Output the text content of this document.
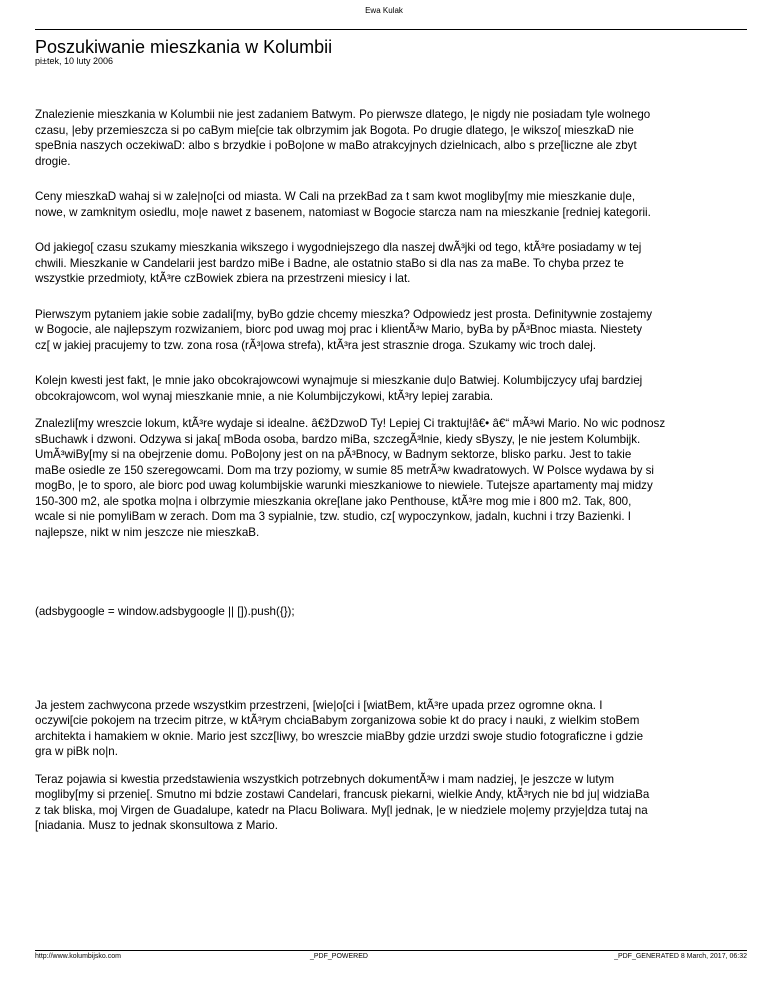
Ewa Kulak
Poszukiwanie mieszkania w Kolumbii
pi±tek, 10 luty 2006

Znalezienie mieszkania w Kolumbii nie jest zadaniem Batwym. Po pierwsze dlatego, |e nigdy nie posiadam tyle wolnego
czasu, |eby przemieszcza si po caBym mie[cie tak olbrzymim jak Bogota. Po drugie dlatego, |e wikszo[ mieszkaD nie
speBnia naszych oczekiwaD: albo s brzydkie i poBo|one w maBo atrakcyjnych dzielnicach, albo s prze[liczne ale zbyt
drogie.

Ceny mieszkaD wahaj si w zale|no[ci od miasta. W Cali na przekBad za t sam kwot mogliby[my mie mieszkanie du|e,
nowe, w zamknitym osiedlu, mo|e nawet z basenem, natomiast w Bogocie starcza nam na mieszkanie [redniej kategorii.

Od jakiego[ czasu szukamy mieszkania wikszego i wygodniejszego dla naszej dwÃ³jki od tego, ktÃ³re posiadamy w tej
chwili. Mieszkanie w Candelarii jest bardzo miBe i Badne, ale ostatnio staBo si dla nas za maBe. To chyba przez te
wszystkie przedmioty, ktÃ³re czBowiek zbiera na przestrzeni miesicy i lat.

Pierwszym pytaniem jakie sobie zadali[my, byBo gdzie chcemy mieszka? Odpowiedz jest prosta. Definitywnie zostajemy
w Bogocie, ale najlepszym rozwizaniem, biorc pod uwag moj prac i klientÃ³w Mario, byBa by pÃ³Bnoc miasta. Niestety
cz[ w jakiej pracujemy to tzw. zona rosa (rÃ³|owa strefa), ktÃ³ra jest strasznie droga. Szukamy wic troch dalej.

Kolejn kwesti jest fakt, |e mnie jako obcokrajowcowi wynajmuje si mieszkanie du|o Batwiej. Kolumbijczycy ufaj bardziej
obcokrajowcom, wol wynaj mieszkanie mnie, a nie Kolumbijczykowi, ktÃ³ry lepiej zarabia.

Znalezli[my wreszcie lokum, ktÃ³re wydaje si idealne. â€žDzwoD Ty! Lepiej Ci traktuj!â€• â€“ mÃ³wi Mario. No wic podnosz
sBuchawk i dzwoni. Odzywa si jaka[ mBoda osoba, bardzo miBa, szczegÃ³lnie, kiedy sByszy, |e nie jestem Kolumbijk.
UmÃ³wiBy[my si na obejrzenie domu. PoBo|ony jest on na pÃ³Bnocy, w Badnym sektorze, blisko parku. Jest to takie
maBe osiedle ze 150 szeregowcami. Dom ma trzy poziomy, w sumie 85 metrÃ³w kwadratowych. W Polsce wydawa by si
mogBo, |e to sporo, ale biorc pod uwag kolumbijskie warunki mieszkaniowe to niewiele. Tutejsze apartamenty maj midzy
150-300 m2, ale spotka mo|na i olbrzymie mieszkania okre[lane jako Penthouse, ktÃ³re mog mie i 800 m2. Tak, 800,
wcale si nie pomyliBam w zerach. Dom ma 3 sypialnie, tzw. studio, cz[ wypoczynkow, jadaln, kuchni i trzy Bazienki. I
najlepsze, nikt w nim jeszcze nie mieszkaB.

(adsbygoogle = window.adsbygoogle || []).push({});

Ja jestem zachwycona przede wszystkim przestrzeni, [wie|o[ci i [wiatBem, ktÃ³re upada przez ogromne okna. I
oczywi[cie pokojem na trzecim pitrze, w ktÃ³rym chciaBabym zorganizowa sobie kt do pracy i nauki, z wielkim stoBem
architekta i hamakiem w oknie. Mario jest szcz[liwy, bo wreszcie miaBby gdzie urzdzi swoje studio fotograficzne i gdzie
gra w piBk no|n.

Teraz pojawia si kwestia przedstawienia wszystkich potrzebnych dokumentÃ³w i mam nadziej, |e jeszcze w lutym
mogliby[my si przenie[. Smutno mi bdzie zostawi Candelari, francusk piekarni, wielkie Andy, ktÃ³rych nie bd ju| widziaBa
z tak bliska, moj Virgen de Guadalupe, katedr na Placu Boliwara. My[l jednak, |e w niedziele mo|emy przyje|dza tutaj na
[niadania. Musz to jednak skonsultowa z Mario.

http://www.kolumbijsko.com	_PDF_POWERED	_PDF_GENERATED 8 March, 2017, 06:32
